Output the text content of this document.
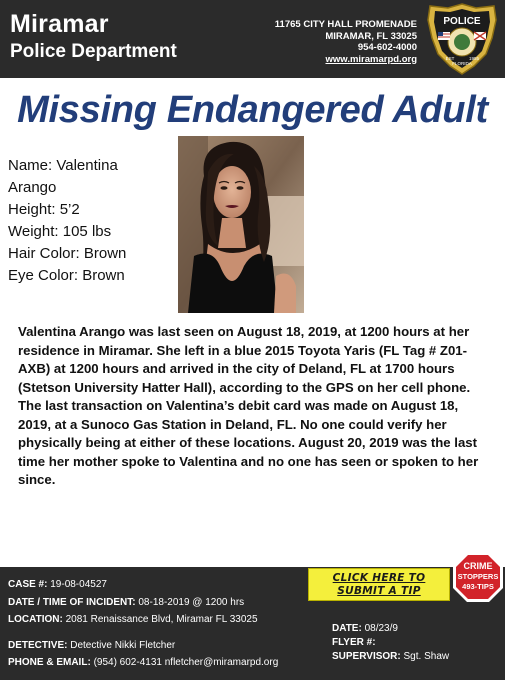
Miramar
Police Department
11765 CITY HALL PROMENADE
MIRAMAR, FL 33025
954-602-4000
www.miramarpd.org
POLICE
EST	1955
FLORIDA
Missing Endangered Adult
Name: Valentina
Arango
Height: 5’2
Weight: 105 lbs
Hair Color: Brown
Eye Color: Brown
Valentina Arango was last seen on August 18, 2019, at 1200 hours at her residence in Miramar. She left in a blue 2015 Toyota Yaris (FL Tag # Z01-AXB) at 1200 hours and arrived in the city of Deland, FL at 1700 hours (Stetson University Hatter Hall), according to the GPS on her cell phone. The last transaction on Valentina’s debit card was made on August 18, 2019, at a Sunoco Gas Station in Deland, FL. No one could verify her physically being at either of these locations. August 20, 2019 was the last time her mother spoke to Valentina and no one has seen or spoken to her since.
CASE #: 19-08-04527
DATE / TIME OF INCIDENT: 08-18-2019 @ 1200 hrs
LOCATION: 2081 Renaissance Blvd, Miramar FL 33025
DETECTIVE: Detective Nikki Fletcher
PHONE & EMAIL: (954) 602-4131 nfletcher@miramarpd.org
DATE: 08/23/9
FLYER #:
SUPERVISOR: Sgt. Shaw
CLICK HERE TO
SUBMIT A TIP
CRIME
STOPPERS
493-TIPS
